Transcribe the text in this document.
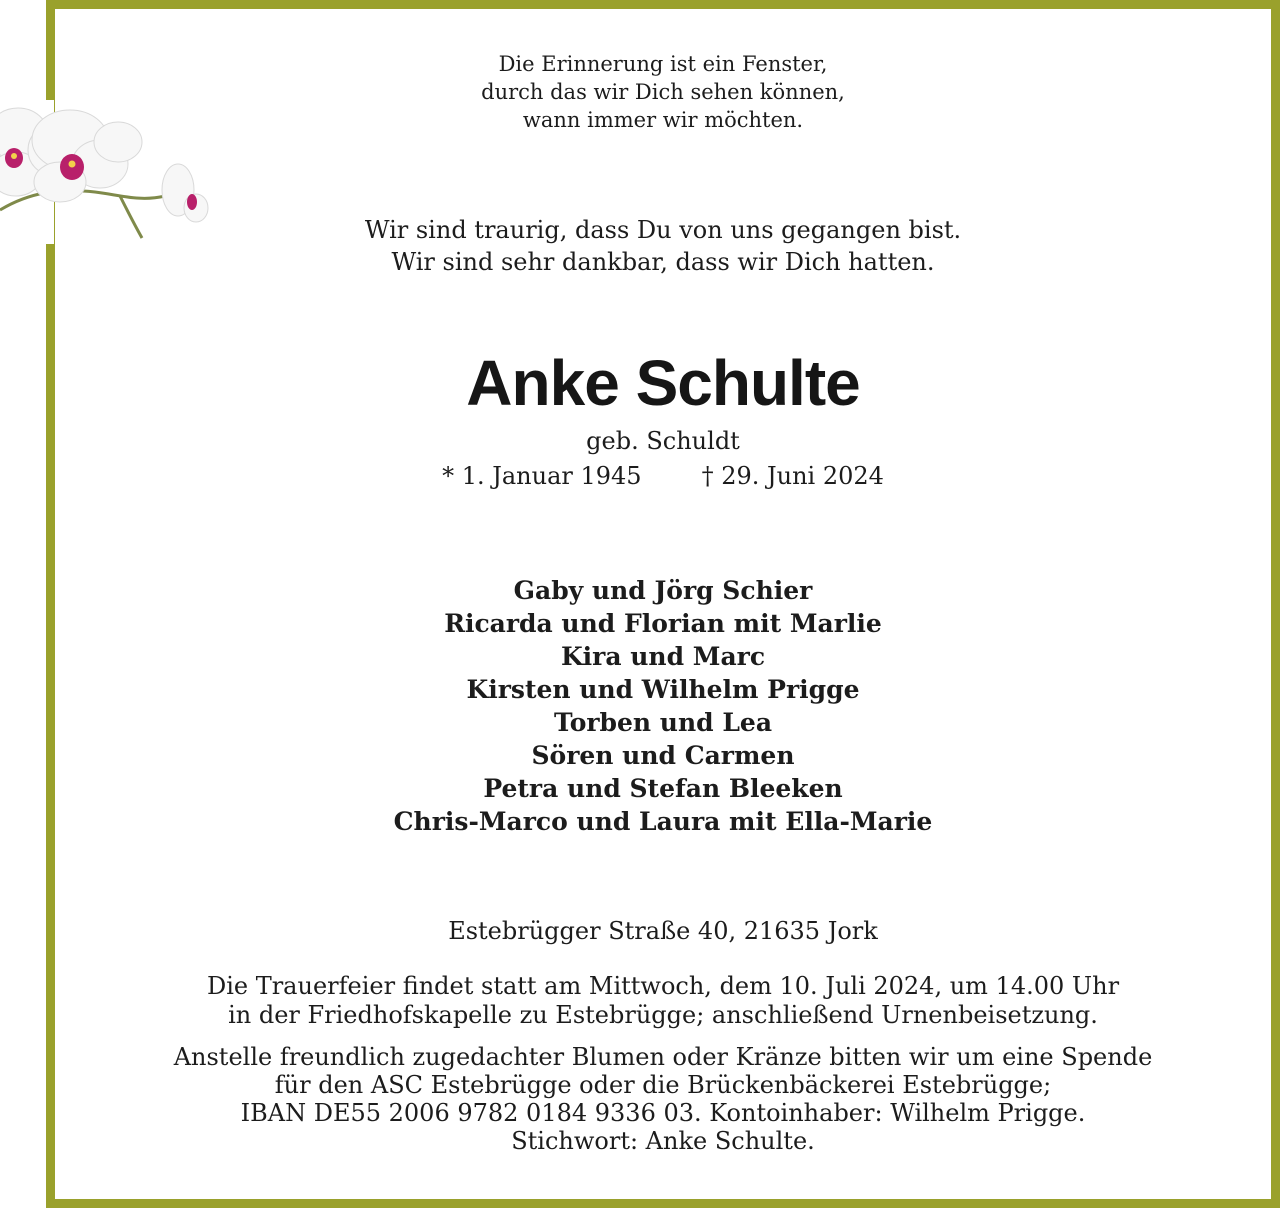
Die Erinnerung ist ein Fenster,
durch das wir Dich sehen können,
wann immer wir möchten.
Wir sind traurig, dass Du von uns gegangen bist.
Wir sind sehr dankbar, dass wir Dich hatten.
Anke Schulte
geb. Schuldt
* 1. Januar 1945	† 29. Juni 2024
Gaby und Jörg Schier
Ricarda und Florian mit Marlie
Kira und Marc
Kirsten und Wilhelm Prigge
Torben und Lea
Sören und Carmen
Petra und Stefan Bleeken
Chris-Marco und Laura mit Ella-Marie
Estebrügger Straße 40, 21635 Jork
Die Trauerfeier findet statt am Mittwoch, dem 10. Juli 2024, um 14.00 Uhr
in der Friedhofskapelle zu Estebrügge; anschließend Urnenbeisetzung.
Anstelle freundlich zugedachter Blumen oder Kränze bitten wir um eine Spende
für den ASC Estebrügge oder die Brückenbäckerei Estebrügge;
IBAN DE55 2006 9782 0184 9336 03. Kontoinhaber: Wilhelm Prigge.
Stichwort: Anke Schulte.
